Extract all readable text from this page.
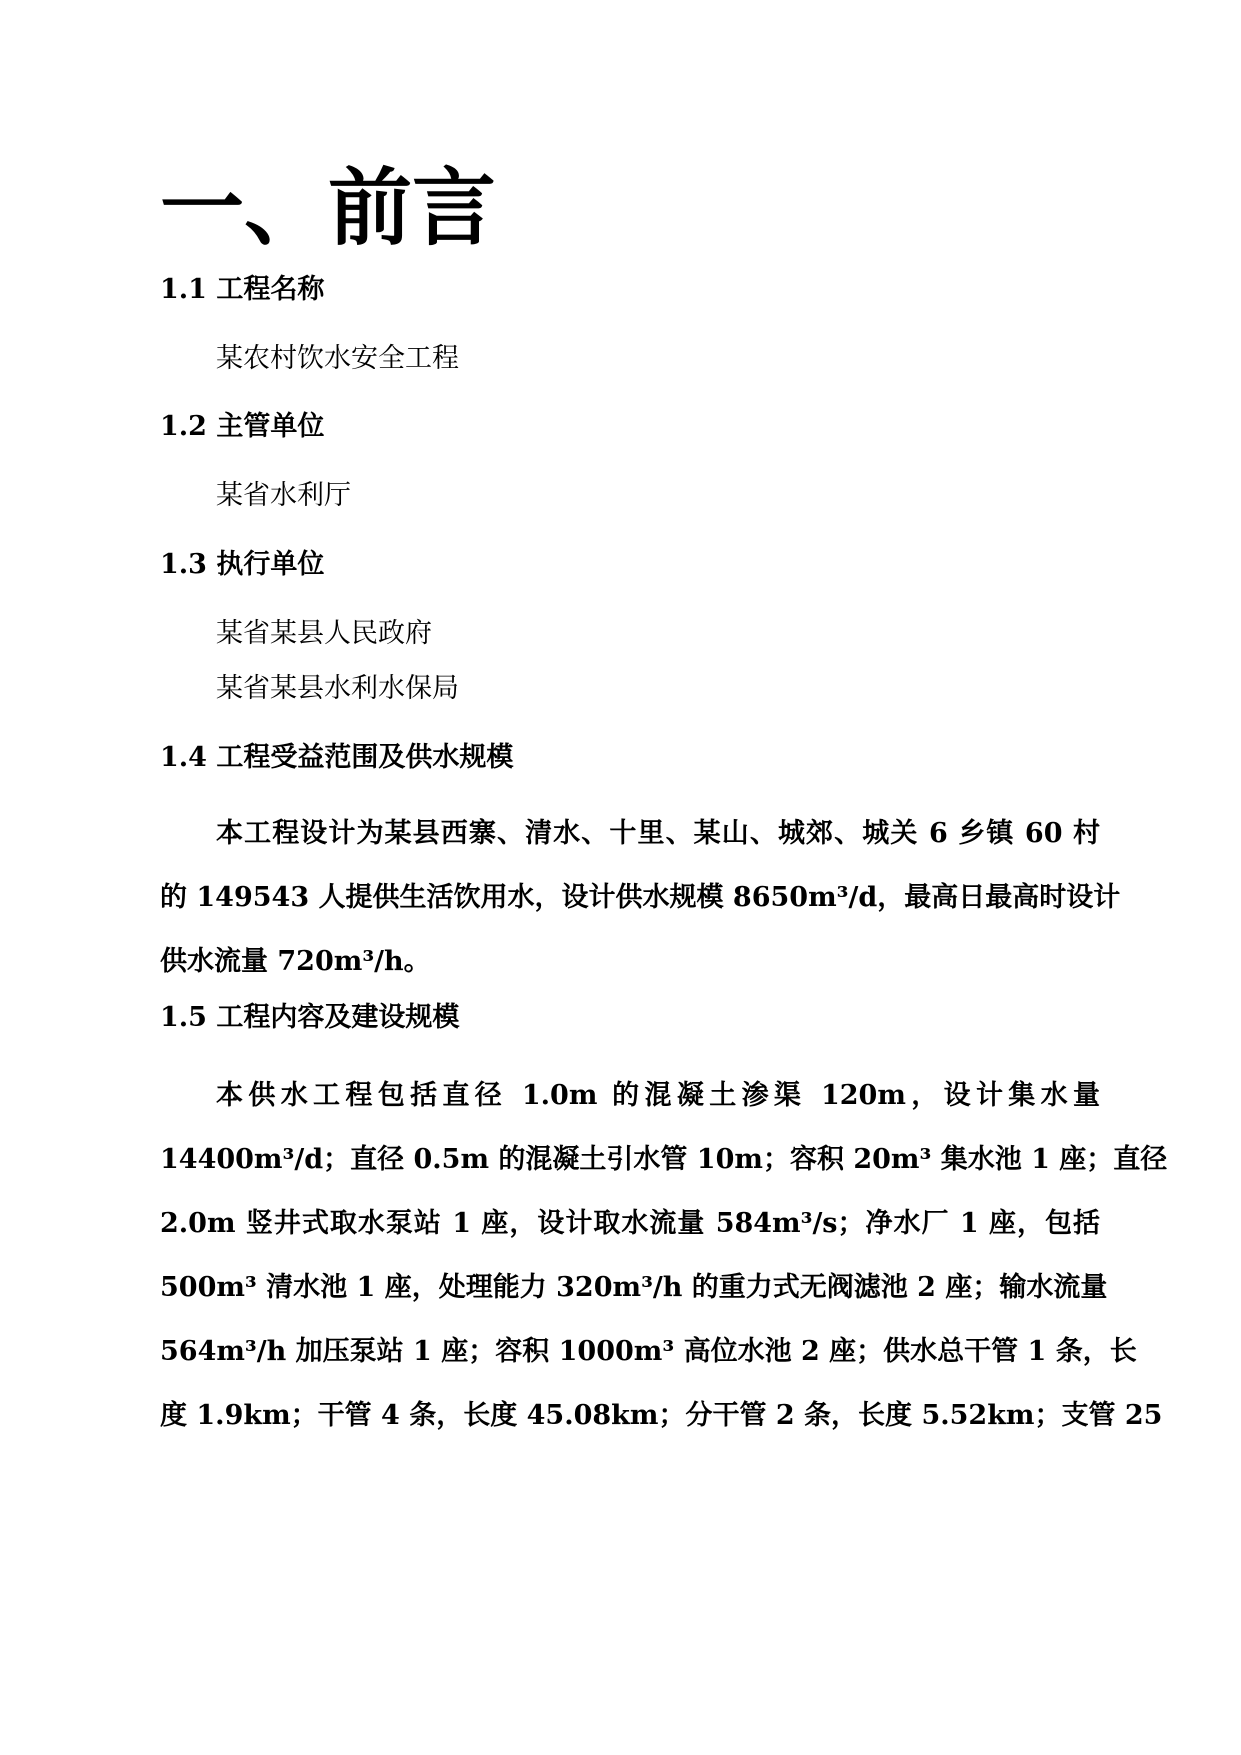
一、前言
1.1 工程名称
某农村饮水安全工程
1.2 主管单位
某省水利厅
1.3 执行单位
某省某县人民政府
某省某县水利水保局
1.4 工程受益范围及供水规模
本工程设计为某县西寨、清水、十里、某山、城郊、城关 6 乡镇 60 村
的 149543 人提供生活饮用水，设计供水规模 8650m³/d，最高日最高时设计
供水流量 720m³/h。
1.5 工程内容及建设规模
本供水工程包括直径 1.0m 的混凝土渗渠 120m，设计集水量
14400m³/d；直径 0.5m 的混凝土引水管 10m；容积 20m³ 集水池 1 座；直径
2.0m 竖井式取水泵站 1 座，设计取水流量 584m³/s；净水厂 1 座，包括
500m³ 清水池 1 座，处理能力 320m³/h 的重力式无阀滤池 2 座；输水流量
564m³/h 加压泵站 1 座；容积 1000m³ 高位水池 2 座；供水总干管 1 条，长
度 1.9km；干管 4 条，长度 45.08km；分干管 2 条，长度 5.52km；支管 25
